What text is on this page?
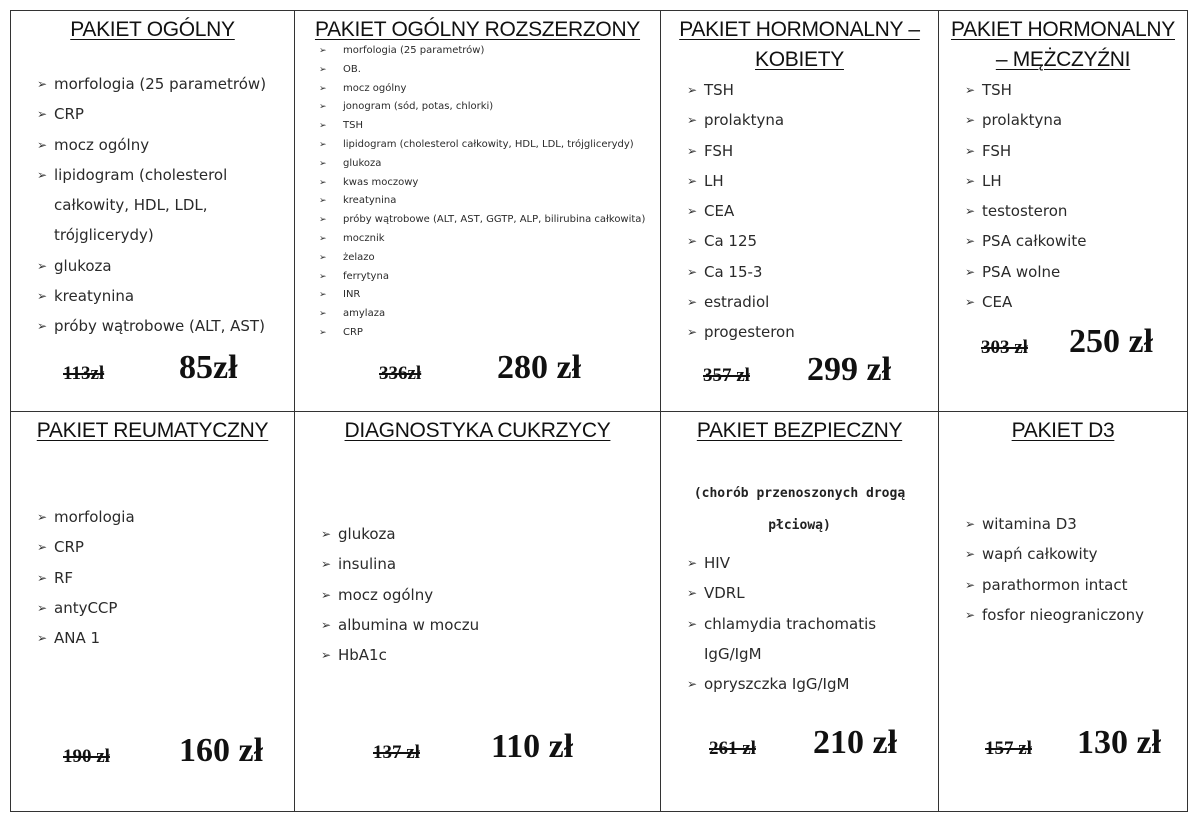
PAKIET OGÓLNY
➢ morfologia (25 parametrów)
➢ CRP
➢ mocz ogólny
➢ lipidogram (cholesterol
całkowity, HDL, LDL,
trójglicerydy)
➢ glukoza
➢ kreatynina
➢ próby wątrobowe (ALT, AST)
113zł 85zł
PAKIET OGÓLNY ROZSZERZONY
➢ morfologia (25 parametrów)
➢ OB.
➢ mocz ogólny
➢ jonogram (sód, potas, chlorki)
➢ TSH
➢ lipidogram (cholesterol całkowity, HDL, LDL, trójglicerydy)
➢ glukoza
➢ kwas moczowy
➢ kreatynina
➢ próby wątrobowe (ALT, AST, GGTP, ALP, bilirubina całkowita)
➢ mocznik
➢ żelazo
➢ ferrytyna
➢ INR
➢ amylaza
➢ CRP
336zł 280 zł
PAKIET HORMONALNY –
KOBIETY
➢ TSH
➢ prolaktyna
➢ FSH
➢ LH
➢ CEA
➢ Ca 125
➢ Ca 15-3
➢ estradiol
➢ progesteron
357 zł 299 zł
PAKIET HORMONALNY
– MĘŻCZYŹNI
➢ TSH
➢ prolaktyna
➢ FSH
➢ LH
➢ testosteron
➢ PSA całkowite
➢ PSA wolne
➢ CEA
303 zł 250 zł
PAKIET REUMATYCZNY
➢ morfologia
➢ CRP
➢ RF
➢ antyCCP
➢ ANA 1
190 zł 160 zł
DIAGNOSTYKA CUKRZYCY
➢ glukoza
➢ insulina
➢ mocz ogólny
➢ albumina w moczu
➢ HbA1c
137 zł 110 zł
PAKIET BEZPIECZNY
(chorób przenoszonych drogą
płciową)
➢ HIV
➢ VDRL
➢ chlamydia trachomatis
IgG/IgM
➢ opryszczka IgG/IgM
261 zł 210 zł
PAKIET D3
➢ witamina D3
➢ wapń całkowity
➢ parathormon intact
➢ fosfor nieograniczony
157 zł 130 zł
